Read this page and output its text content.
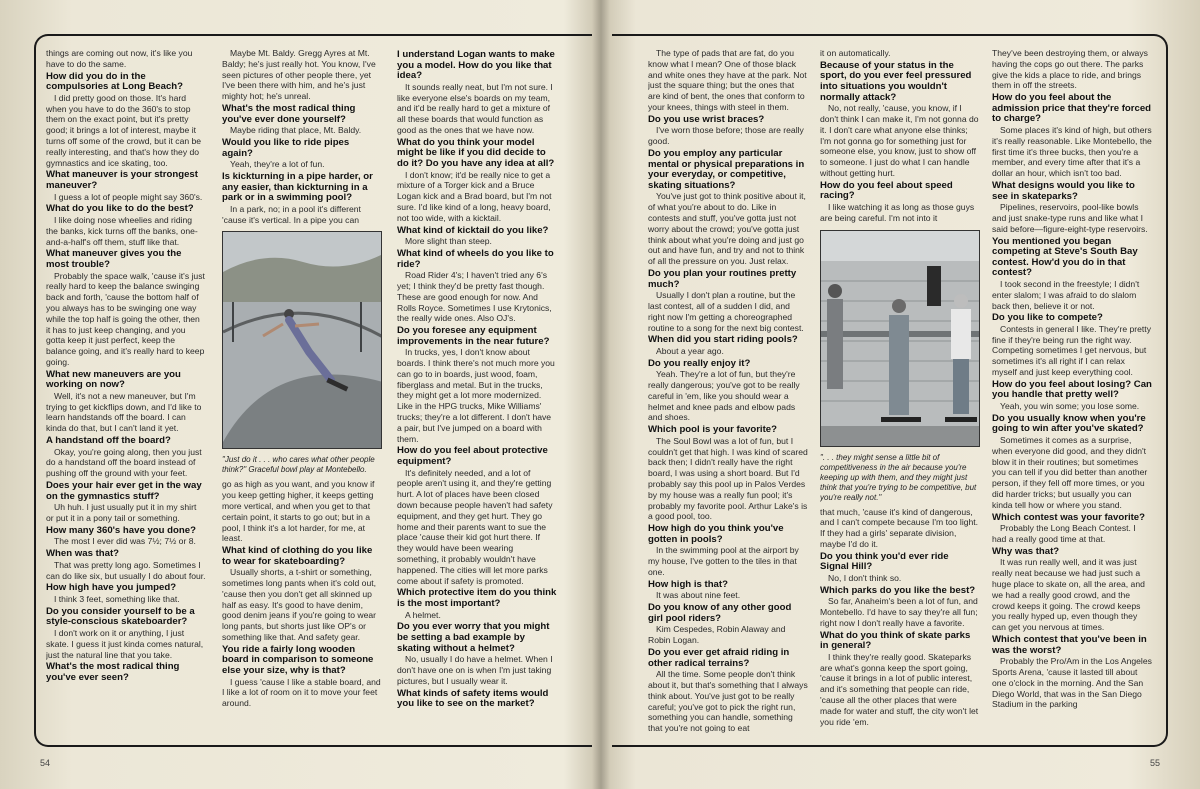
things are coming out now, it's like you have to do the same.

How did you do in the compulsories at Long Beach?

I did pretty good on those. It's hard when you have to do the 360's to stop them on the exact point, but it's pretty good; it brings a lot of interest, maybe it turns off some of the crowd, but it can be really interesting, and that's how they do gymnastics and ice skating, too.

What maneuver is your strongest maneuver?

I guess a lot of people might say 360's.

What do you like to do the best?

I like doing nose wheelies and riding the banks, kick turns off the banks, one-and-a-half's off them, stuff like that.

What maneuver gives you the most trouble?

Probably the space walk, 'cause it's just really hard to keep the balance swinging back and forth, 'cause the bottom half of you always has to be swinging one way while the top half is going the other, then it has to just keep changing, and you gotta keep it just perfect, keep the balance going, and it's really hard to keep going.

What new maneuvers are you working on now?

Well, it's not a new maneuver, but I'm trying to get kickflips down, and I'd like to learn handstands off the board. I can kinda do that, but I can't land it yet.

A handstand off the board?

Okay, you're going along, then you just do a handstand off the board instead of pushing off the ground with your feet.

Does your hair ever get in the way on the gymnastics stuff?

Uh huh. I just usually put it in my shirt or put it in a pony tail or something.

How many 360's have you done?

The most I ever did was 7½; 7½ or 8.

When was that?

That was pretty long ago. Sometimes I can do like six, but usually I do about four.

How high have you jumped?

I think 3 feet, something like that.

Do you consider yourself to be a style-conscious skateboarder?

I don't work on it or anything, I just skate. I guess it just kinda comes natural, just the natural line that you take.

What's the most radical thing you've ever seen?

Maybe Mt. Baldy. Gregg Ayres at Mt. Baldy; he's just really hot. You know, I've seen pictures of other people there, yet I've been there with him, and he's just mighty hot; he's unreal.

What's the most radical thing you've ever done yourself?

Maybe riding that place, Mt. Baldy.

Would you like to ride pipes again?

Yeah, they're a lot of fun.

Is kickturning in a pipe harder, or any easier, than kickturning in a park or in a swimming pool?

In a park, no; in a pool it's different 'cause it's vertical. In a pipe you can

"Just do it . . . who cares what other people think?" Graceful bowl play at Montebello.

go as high as you want, and you know if you keep getting higher, it keeps getting more vertical, and when you get to that certain point, it starts to go out; but in a pool, I think it's a lot harder, for me, at least.

What kind of clothing do you like to wear for skateboarding?

Usually shorts, a t-shirt or something, sometimes long pants when it's cold out, 'cause then you don't get all skinned up half as easy. It's good to have denim, good denim jeans if you're going to wear long pants, but shorts just like OP's or something like that. And safety gear.

You ride a fairly long wooden board in comparison to someone else your size, why is that?

I guess 'cause I like a stable board, and I like a lot of room on it to move your feet around.

I understand Logan wants to make you a model. How do you like that idea?

It sounds really neat, but I'm not sure. I like everyone else's boards on my team, and it'd be really hard to get a mixture of all these boards that would function as good as the ones that we have now.

What do you think your model might be like if you did decide to do it? Do you have any idea at all?

I don't know; it'd be really nice to get a mixture of a Torger kick and a Bruce Logan kick and a Brad board, but I'm not sure. I'd like kind of a long, heavy board, not too wide, with a kicktail.

What kind of kicktail do you like?

More slight than steep.

What kind of wheels do you like to ride?

Road Rider 4's; I haven't tried any 6's yet; I think they'd be pretty fast though. These are good enough for now. And Rolls Royce. Sometimes I use Krytonics, the really wide ones. Also OJ's.

Do you foresee any equipment improvements in the near future?

In trucks, yes, I don't know about boards. I think there's not much more you can go to in boards, just wood, foam, fiberglass and metal. But in the trucks, they might get a lot more modernized. Like in the HPG trucks, Mike Williams' trucks; they're a lot different. I don't have a pair, but I've jumped on a board with them.

How do you feel about protective equipment?

It's definitely needed, and a lot of people aren't using it, and they're getting hurt. A lot of places have been closed down because people haven't had safety equipment, and they get hurt. They go home and their parents want to sue the place 'cause their kid got hurt there. If they would have been wearing something, it probably wouldn't have happened. The cities will let more parks come about if safety is promoted.

Which protective item do you think is the most important?

A helmet.

Do you ever worry that you might be setting a bad example by skating without a helmet?

No, usually I do have a helmet. When I don't have one on is when I'm just taking pictures, but I usually wear it.

What kinds of safety items would you like to see on the market?

The type of pads that are fat, do you know what I mean? One of those black and white ones they have at the park. Not just the square thing; but the ones that are kind of bent, the ones that conform to your knees, things with steel in them.

Do you use wrist braces?

I've worn those before; those are really good.

Do you employ any particular mental or physical preparations in your everyday, or competitive, skating situations?

You've just got to think positive about it, of what you're about to do. Like in contests and stuff, you've gotta just not worry about the crowd; you've gotta just think about what you're doing and just go out and have fun, and try and not to think of all the pressure on you. Just relax.

Do you plan your routines pretty much?

Usually I don't plan a routine, but the last contest, all of a sudden I did, and right now I'm getting a choreographed routine to a song for the next big contest.

When did you start riding pools?

About a year ago.

Do you really enjoy it?

Yeah. They're a lot of fun, but they're really dangerous; you've got to be really careful in 'em, like you should wear a helmet and knee pads and elbow pads and shoes.

Which pool is your favorite?

The Soul Bowl was a lot of fun, but I couldn't get that high. I was kind of scared back then; I didn't really have the right board, I was using a short board. But I'd probably say this pool up in Palos Verdes by my house was a really fun pool; it's probably my favorite pool. Arthur Lake's is a good pool, too.

How high do you think you've gotten in pools?

In the swimming pool at the airport by my house, I've gotten to the tiles in that one.

How high is that?

It was about nine feet.

Do you know of any other good girl pool riders?

Kim Cespedes, Robin Alaway and Robin Logan.

Do you ever get afraid riding in other radical terrains?

All the time. Some people don't think about it, but that's something that I always think about. You've just got to be really careful; you've got to pick the right run, something you can handle, something that you're not going to eat

it on automatically.

Because of your status in the sport, do you ever feel pressured into situations you wouldn't normally attack?

No, not really, 'cause, you know, if I don't think I can make it, I'm not gonna do it. I don't care what anyone else thinks; I'm not gonna go for something just for someone else, you know, just to show off to someone. I just do what I can handle without getting hurt.

How do you feel about speed racing?

I like watching it as long as those guys are being careful. I'm not into it

". . . they might sense a little bit of competitiveness in the air because you're keeping up with them, and they might just think that you're trying to be competitive, but you're really not."

that much, 'cause it's kind of dangerous, and I can't compete because I'm too light. If they had a girls' separate division, maybe I'd do it.

Do you think you'd ever ride Signal Hill?

No, I don't think so.

Which parks do you like the best?

So far, Anaheim's been a lot of fun, and Montebello. I'd have to say they're all fun; right now I don't really have a favorite.

What do you think of skate parks in general?

I think they're really good. Skateparks are what's gonna keep the sport going, 'cause it brings in a lot of public interest, and it's something that people can ride, 'cause all the other places that were made for water and stuff, the city won't let you ride 'em.

They've been destroying them, or always having the cops go out there. The parks give the kids a place to ride, and brings them in off the streets.

How do you feel about the admission price that they're forced to charge?

Some places it's kind of high, but others it's really reasonable. Like Montebello, the first time it's three bucks, then you're a member, and every time after that it's a dollar an hour, which isn't too bad.

What designs would you like to see in skateparks?

Pipelines, reservoirs, pool-like bowls and just snake-type runs and like what I said before—figure-eight-type reservoirs.

You mentioned you began competing at Steve's South Bay contest. How'd you do in that contest?

I took second in the freestyle; I didn't enter slalom; I was afraid to do slalom back then, believe it or not.

Do you like to compete?

Contests in general I like. They're pretty fine if they're being run the right way. Competing sometimes I get nervous, but sometimes it's all right if I can relax myself and just keep everything cool.

How do you feel about losing? Can you handle that pretty well?

Yeah, you win some; you lose some.

Do you usually know when you're going to win after you've skated?

Sometimes it comes as a surprise, when everyone did good, and they didn't blow it in their routines; but sometimes you can tell if you did better than another person, if they fell off more times, or you did harder tricks; but usually you can kinda tell how or where you stand.

Which contest was your favorite?

Probably the Long Beach Contest. I had a really good time at that.

Why was that?

It was run really well, and it was just really neat because we had just such a huge place to skate on, all the area, and we had a really good crowd, and the crowd keeps it going. The crowd keeps you really hyped up, even though they can get you nervous at times.

Which contest that you've been in was the worst?

Probably the Pro/Am in the Los Angeles Sports Arena, 'cause it lasted till about one o'clock in the morning. And the San Diego World, that was in the San Diego Stadium in the parking

54	55
